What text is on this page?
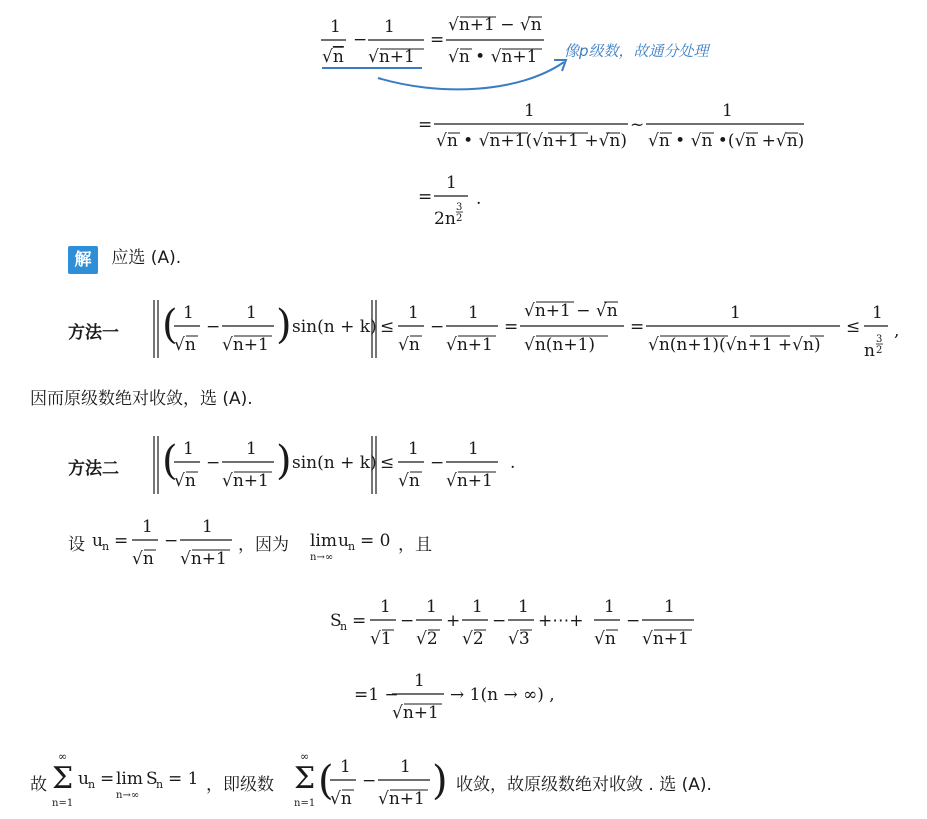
1
√n
−
1
√n+1
=
√n+1 − √n
√n • √n+1 像p级数，故通分处理
=
1
√n • √n+1(√n+1 +√n)
~
1
√n • √n •(√n +√n)
=
1
2n
3
2
.
解 应选 (A).
方法一 ( 1
√n
−
1
√n+1 ) sin(n + k) ≤
1
√n
−
1
√n+1
=
√n+1 − √n
√n(n+1)
=
1
√n(n+1)(√n+1 +√n)
≤
1
n
3
2
,
因而原级数绝对收敛，选 (A).
方法二 ( 1
√n
−
1
√n+1 ) sin(n + k) ≤
1
√n
−
1
√n+1
.
设 u n =
1
√n
−
1
√n+1
，因为 lim
n→∞
u n = 0 ，且
S
n =
1
√1
−
1
√2
+
1
√2
−
1
√3
+⋯+
1
√n
−
1
√n+1
=1 −
1
√n+1
→ 1(n → ∞) ,
故
∞
Σ
n=1
u n = lim
n→∞
S
n = 1 ，即级数
∞
Σ
n=1 ( 1
√n
−
1
√n+1 ) 收敛，故原级数绝对收敛 . 选 (A).
